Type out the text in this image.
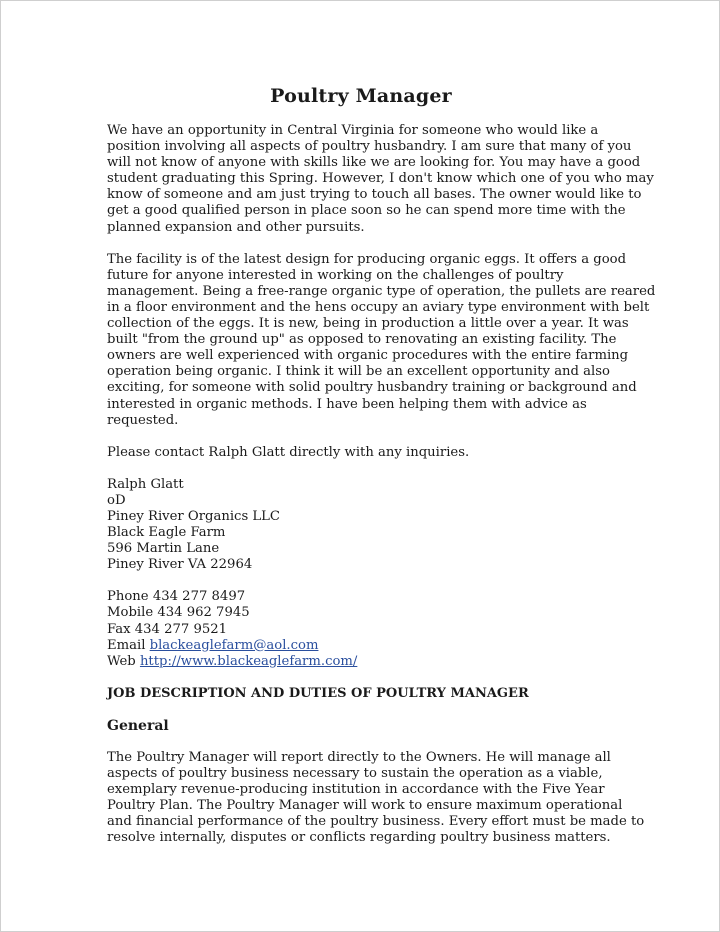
Poultry Manager

We have an opportunity in Central Virginia for someone who would like a

position involving all aspects of poultry husbandry. I am sure that many of you

will not know of anyone with skills like we are looking for. You may have a good

student graduating this Spring. However, I don't know which one of you who may

know of someone and am just trying to touch all bases. The owner would like to

get a good qualified person in place soon so he can spend more time with the

planned expansion and other pursuits.

The facility is of the latest design for producing organic eggs. It offers a good

future for anyone interested in working on the challenges of poultry

management. Being a free-range organic type of operation, the pullets are reared

in a floor environment and the hens occupy an aviary type environment with belt

collection of the eggs. It is new, being in production a little over a year. It was

built "from the ground up" as opposed to renovating an existing facility. The

owners are well experienced with organic procedures with the entire farming

operation being organic. I think it will be an excellent opportunity and also

exciting, for someone with solid poultry husbandry training or background and

interested in organic methods. I have been helping them with advice as

requested.

Please contact Ralph Glatt directly with any inquiries.

Ralph Glatt

oD

Piney River Organics LLC

Black Eagle Farm

596 Martin Lane

Piney River VA 22964

Phone 434 277 8497

Mobile 434 962 7945

Fax 434 277 9521

Email blackeaglefarm@aol.com

Web http://www.blackeaglefarm.com/

JOB DESCRIPTION AND DUTIES OF POULTRY MANAGER

General

The Poultry Manager will report directly to the Owners. He will manage all

aspects of poultry business necessary to sustain the operation as a viable,

exemplary revenue-producing institution in accordance with the Five Year

Poultry Plan. The Poultry Manager will work to ensure maximum operational

and financial performance of the poultry business. Every effort must be made to

resolve internally, disputes or conflicts regarding poultry business matters.
